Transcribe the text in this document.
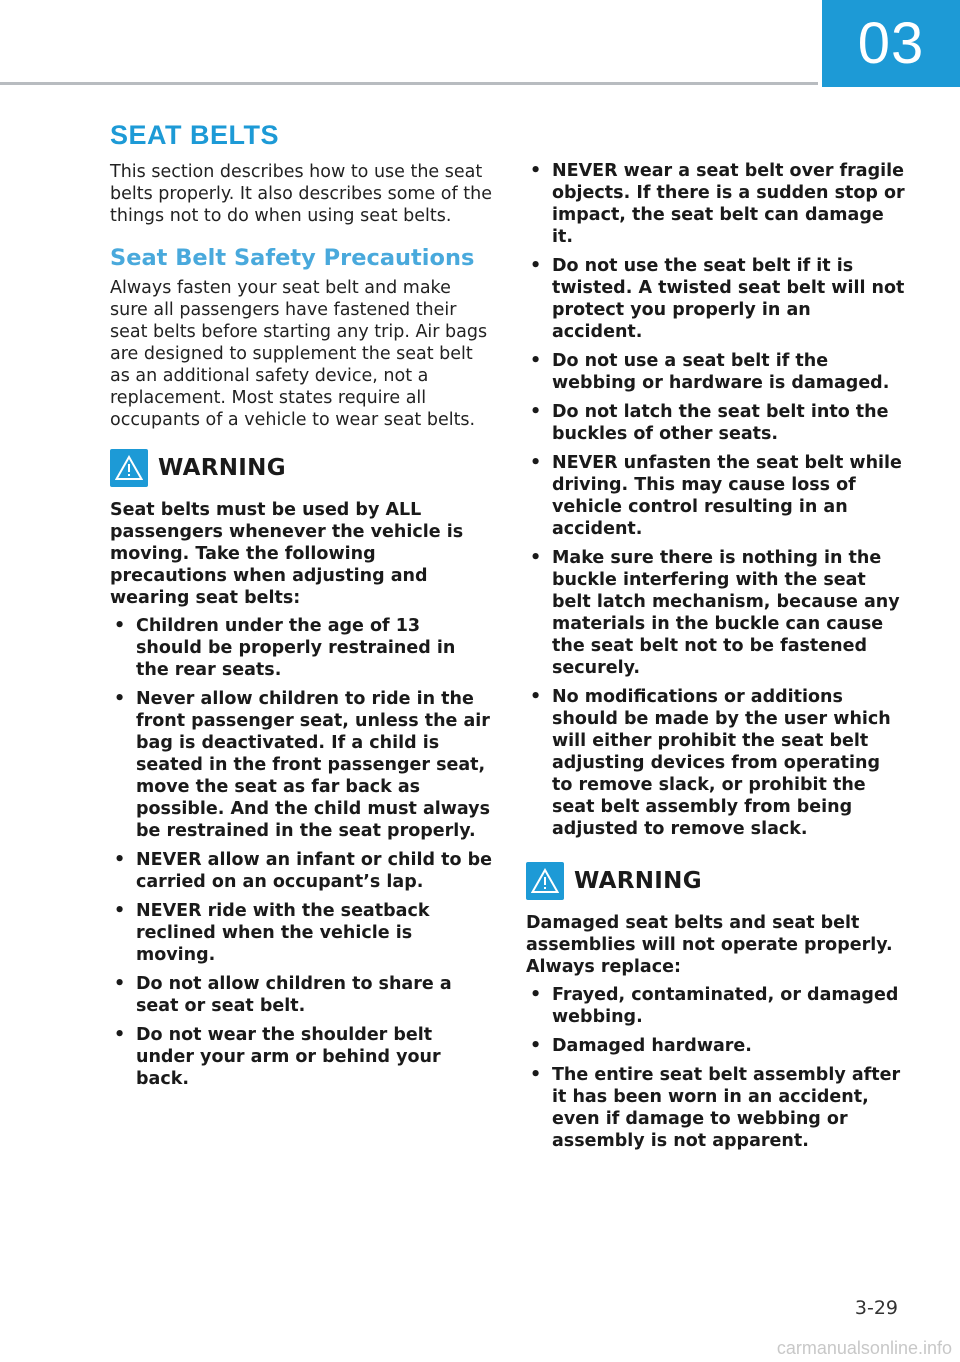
03
SEAT BELTS

This section describes how to use the seat belts properly. It also describes some of the things not to do when using seat belts.

Seat Belt Safety Precautions

Always fasten your seat belt and make sure all passengers have fastened their seat belts before starting any trip. Air bags are designed to supplement the seat belt as an additional safety device, not a replacement. Most states require all occupants of a vehicle to wear seat belts.

WARNING

Seat belts must be used by ALL passengers whenever the vehicle is moving. Take the following precautions when adjusting and wearing seat belts:

• Children under the age of 13 should be properly restrained in the rear seats.
• Never allow children to ride in the front passenger seat, unless the air bag is deactivated. If a child is seated in the front passenger seat, move the seat as far back as possible. And the child must always be restrained in the seat properly.
• NEVER allow an infant or child to be carried on an occupant’s lap.
• NEVER ride with the seatback reclined when the vehicle is moving.
• Do not allow children to share a seat or seat belt.
• Do not wear the shoulder belt under your arm or behind your back.
• NEVER wear a seat belt over fragile objects. If there is a sudden stop or impact, the seat belt can damage it.
• Do not use the seat belt if it is twisted. A twisted seat belt will not protect you properly in an accident.
• Do not use a seat belt if the webbing or hardware is damaged.
• Do not latch the seat belt into the buckles of other seats.
• NEVER unfasten the seat belt while driving. This may cause loss of vehicle control resulting in an accident.
• Make sure there is nothing in the buckle interfering with the seat belt latch mechanism, because any materials in the buckle can cause the seat belt not to be fastened securely.
• No modifications or additions should be made by the user which will either prohibit the seat belt adjusting devices from operating to remove slack, or prohibit the seat belt assembly from being adjusted to remove slack.
WARNING

Damaged seat belts and seat belt assemblies will not operate properly. Always replace:

• Frayed, contaminated, or damaged webbing.
• Damaged hardware.
• The entire seat belt assembly after it has been worn in an accident, even if damage to webbing or assembly is not apparent.
3-29
carmanualsonline.info
